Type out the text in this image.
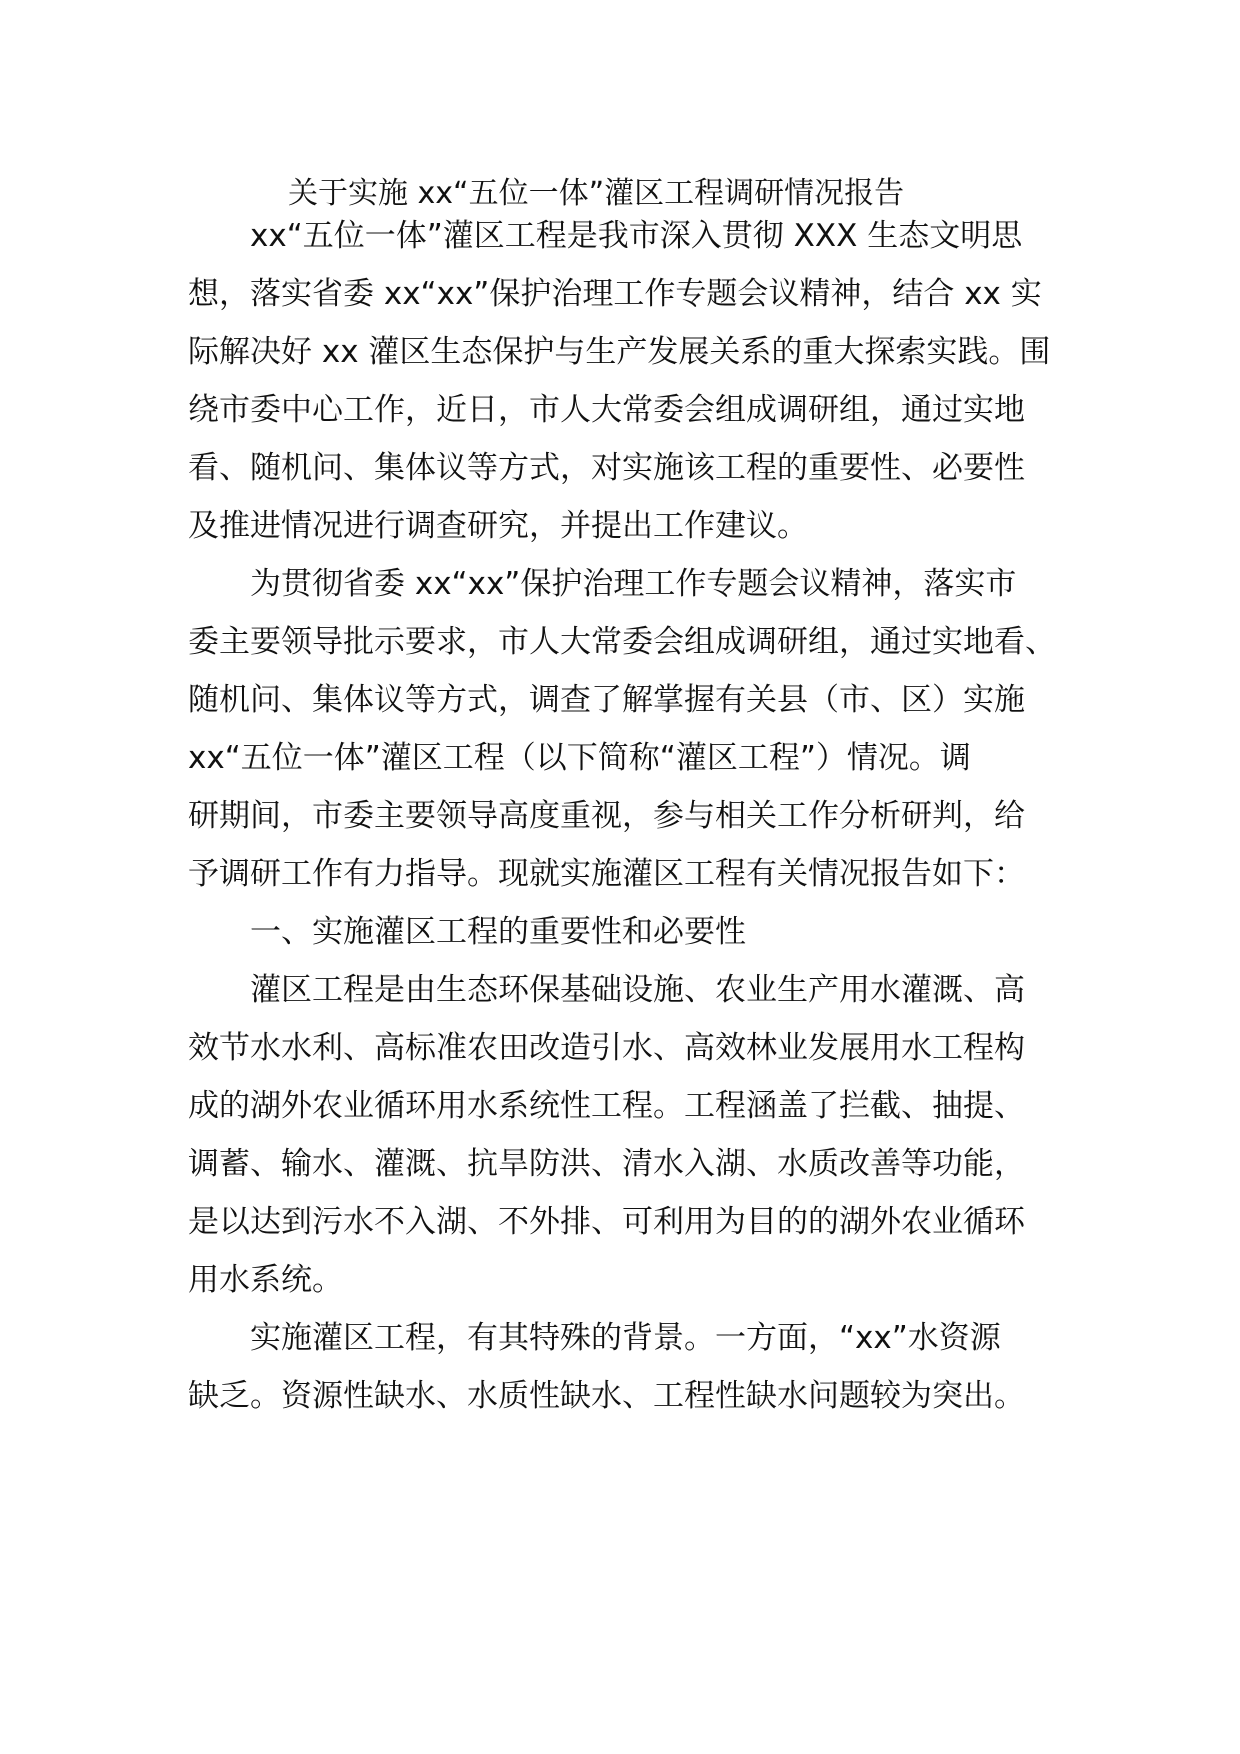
关于实施 xx“五位一体”灌区工程调研情况报告
xx“五位一体”灌区工程是我市深入贯彻 XXX 生态文明思
想，落实省委 xx“xx”保护治理工作专题会议精神，结合 xx 实
际解决好 xx 灌区生态保护与生产发展关系的重大探索实践。围
绕市委中心工作，近日，市人大常委会组成调研组，通过实地
看、随机问、集体议等方式，对实施该工程的重要性、必要性
及推进情况进行调查研究，并提出工作建议。
为贯彻省委 xx“xx”保护治理工作专题会议精神，落实市
委主要领导批示要求，市人大常委会组成调研组，通过实地看、
随机问、集体议等方式，调查了解掌握有关县（市、区）实施
xx“五位一体”灌区工程（以下简称“灌区工程”）情况。调
研期间，市委主要领导高度重视，参与相关工作分析研判，给
予调研工作有力指导。现就实施灌区工程有关情况报告如下：
一、实施灌区工程的重要性和必要性
灌区工程是由生态环保基础设施、农业生产用水灌溉、高
效节水水利、高标准农田改造引水、高效林业发展用水工程构
成的湖外农业循环用水系统性工程。工程涵盖了拦截、抽提、
调蓄、输水、灌溉、抗旱防洪、清水入湖、水质改善等功能，
是以达到污水不入湖、不外排、可利用为目的的湖外农业循环
用水系统。
实施灌区工程，有其特殊的背景。一方面，“xx”水资源
缺乏。资源性缺水、水质性缺水、工程性缺水问题较为突出。
